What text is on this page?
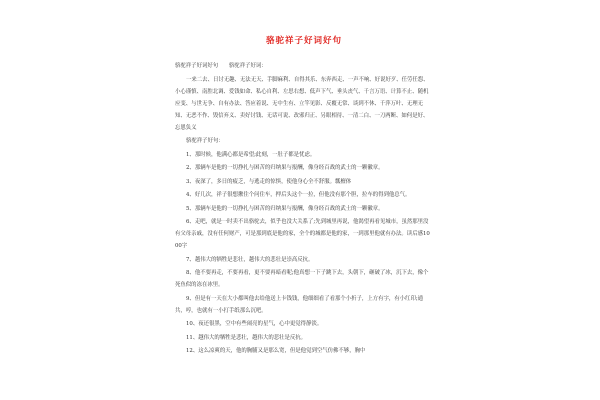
骆驼祥子好词好句
骆驼祥子好词好句　　骆驼祥子好词：
一来二去、日讨无趣、无法无天、手脚麻利、自得其乐、东奔西走、一声不响、好说好歹、任劳任怨、小心谨慎、南腔北调、爱钱如命、私心自利、左思右想、低声下气、垂头丧气、千言万语、计算不止、随机应变、与世无争、自有办法、答应着说、无中生有、立竿见影、反覆无常、谈到不休、千萍万叶、无理无知、无恶不作、毁信弃义、卖好讨钱、无话可说、改邪归正、另眼相待、一清二白、一刀两断、如何是好、忘恩负义
骆驼祥子好句：
1、那时候，他满心都是希望;此刻，一肚子都是忧虑。
2、那辆车是他的一切挣扎与困苦的归纳果与报酬，像身经百战的武士的一颗徽章。
3、夜深了，多日的疲乏，与逃走的惊惧，使他身心全不舒服。瓢檀体
4、好几次，祥子很想揪住个问住车，押后头这个一拉，但他没有那个胆，拉车的得到他总气。
5、那辆车是他的一切挣扎与困苦的归纳果与报酬，像身经百战的武士的一颗徽章。
6、走吧，就是一时卖不出骆驼去，似乎也没大关系了;先到城里再说，他渴望再看见城市，虽然那里没有父母亲戚，没有任何财产，可是那到底是他的家，全个的城都是他的家，一到那里他就有办法。读后感1000字
7、越伟大的牺牲是悲壮，越伟大的悲壮是崇高反抗。
8、他不要再走，不要再看，更不要再暗看呢;他真想一下子跳下去，头朝下，砸破了冰，沉下去，像个死鱼似的冻在冰里。
9、但是有一天在大小都叫他去给他送上卡钱钱，他细细看了看那个小折子，上方有字，有小红印;通共，哼，也就有一小打手纸那么沉吧。
10、夜还很黑，空中有些闹亮的星气，心中更觉得静淡。
11、越伟大的牺牲是悲壮，越伟大的悲壮是反抗。
12、这么凉爽的天，他的胸脯又是那么宽，但是他觉到空气仿佛不够，胸中
